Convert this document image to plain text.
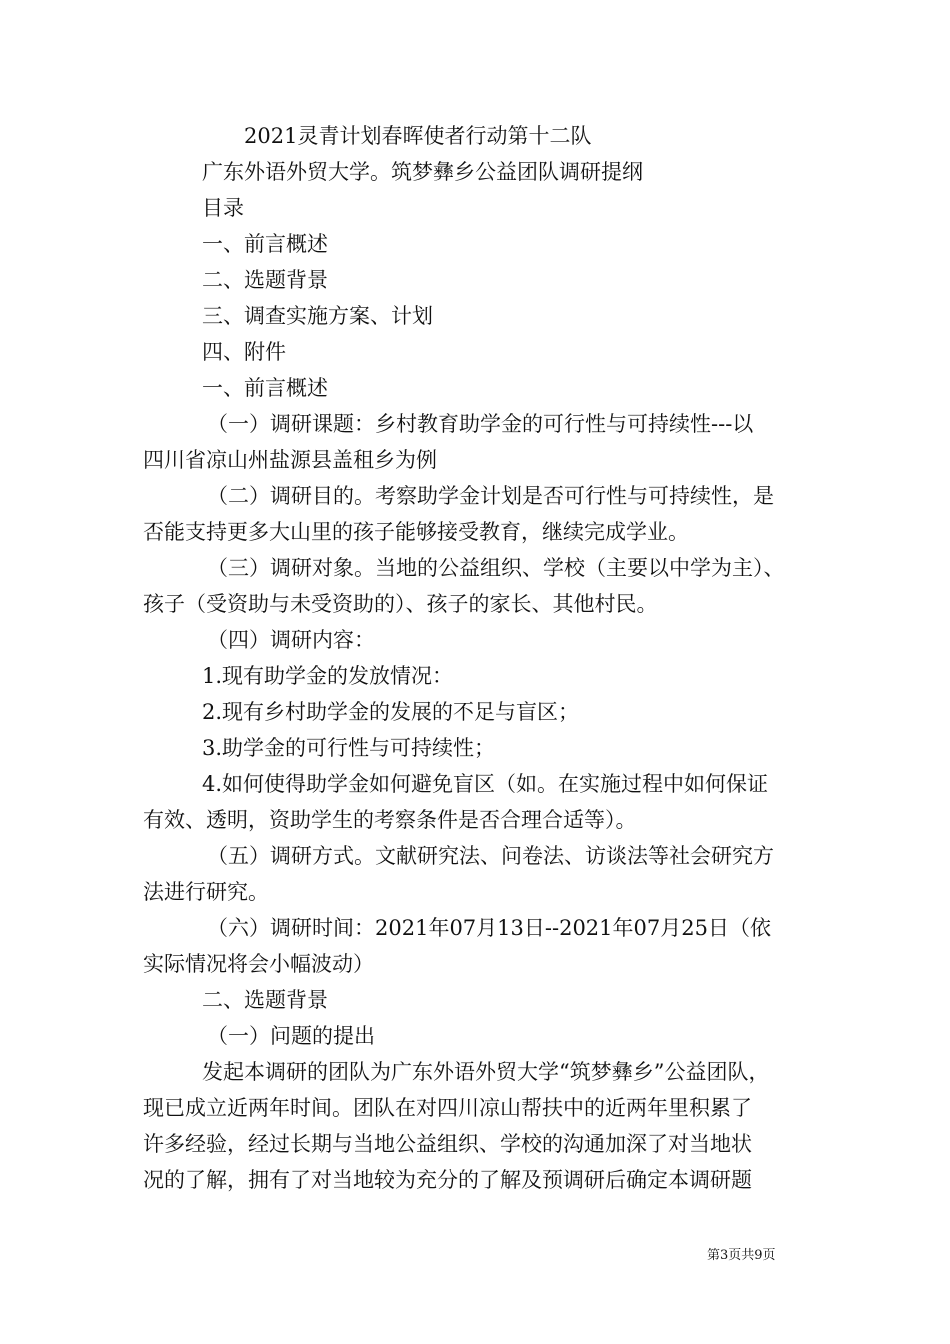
2021灵青计划春晖使者行动第十二队
广东外语外贸大学。筑梦彝乡公益团队调研提纲
目录
一、前言概述
二、选题背景
三、调查实施方案、计划
四、附件
一、前言概述
（一）调研课题：乡村教育助学金的可行性与可持续性---以
四川省凉山州盐源县盖租乡为例
（二）调研目的。考察助学金计划是否可行性与可持续性，是
否能支持更多大山里的孩子能够接受教育，继续完成学业。
（三）调研对象。当地的公益组织、学校（主要以中学为主）、
孩子（受资助与未受资助的）、孩子的家长、其他村民。
（四）调研内容：
1.现有助学金的发放情况：
2.现有乡村助学金的发展的不足与盲区；
3.助学金的可行性与可持续性；
4.如何使得助学金如何避免盲区（如。在实施过程中如何保证
有效、透明，资助学生的考察条件是否合理合适等）。
（五）调研方式。文献研究法、问卷法、访谈法等社会研究方
法进行研究。
（六）调研时间：2021年07月13日--2021年07月25日（依
实际情况将会小幅波动）
二、选题背景
（一）问题的提出
发起本调研的团队为广东外语外贸大学“筑梦彝乡”公益团队，
现已成立近两年时间。团队在对四川凉山帮扶中的近两年里积累了
许多经验，经过长期与当地公益组织、学校的沟通加深了对当地状
况的了解，拥有了对当地较为充分的了解及预调研后确定本调研题
第3页共9页
